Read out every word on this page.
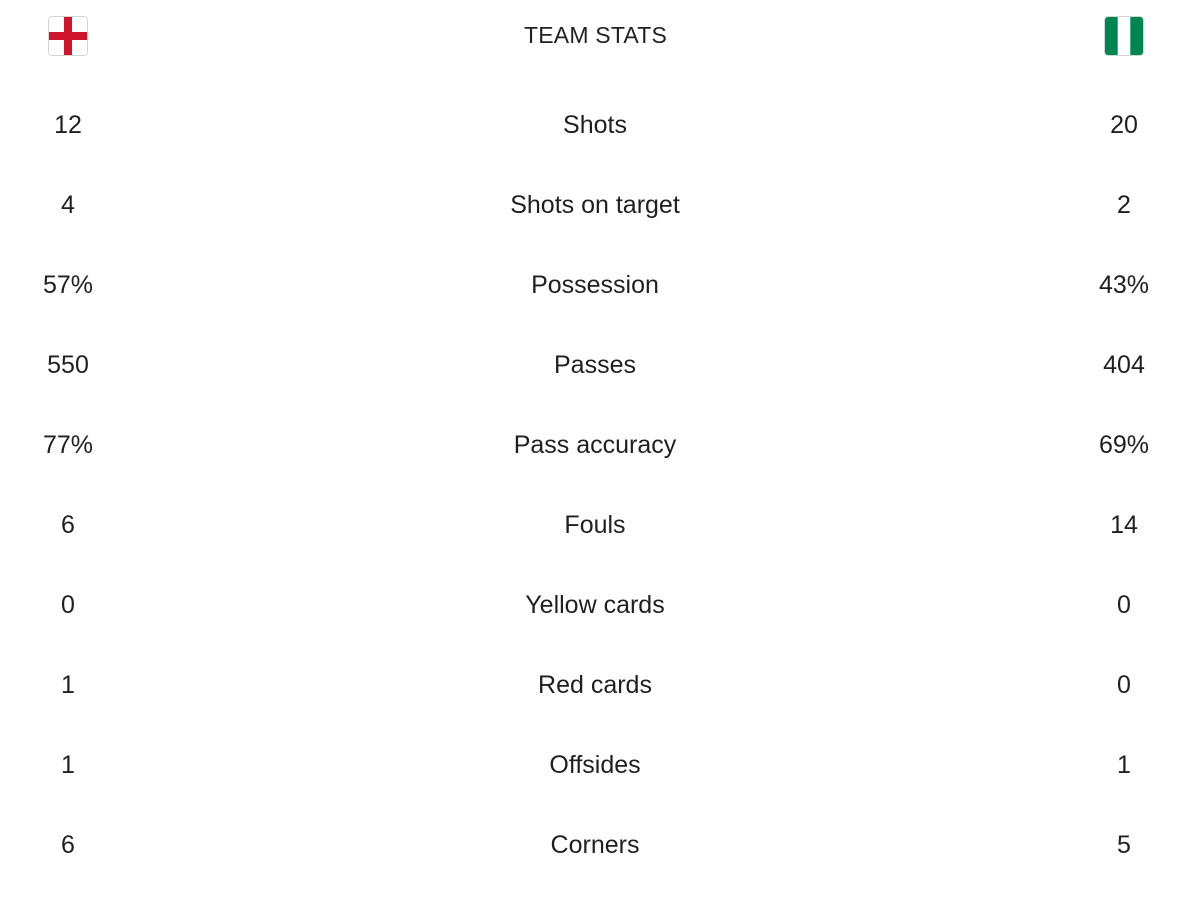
TEAM STATS
12	Shots	20
4	Shots on target	2
57%	Possession	43%
550	Passes	404
77%	Pass accuracy	69%
6	Fouls	14
0	Yellow cards	0
1	Red cards	0
1	Offsides	1
6	Corners	5
